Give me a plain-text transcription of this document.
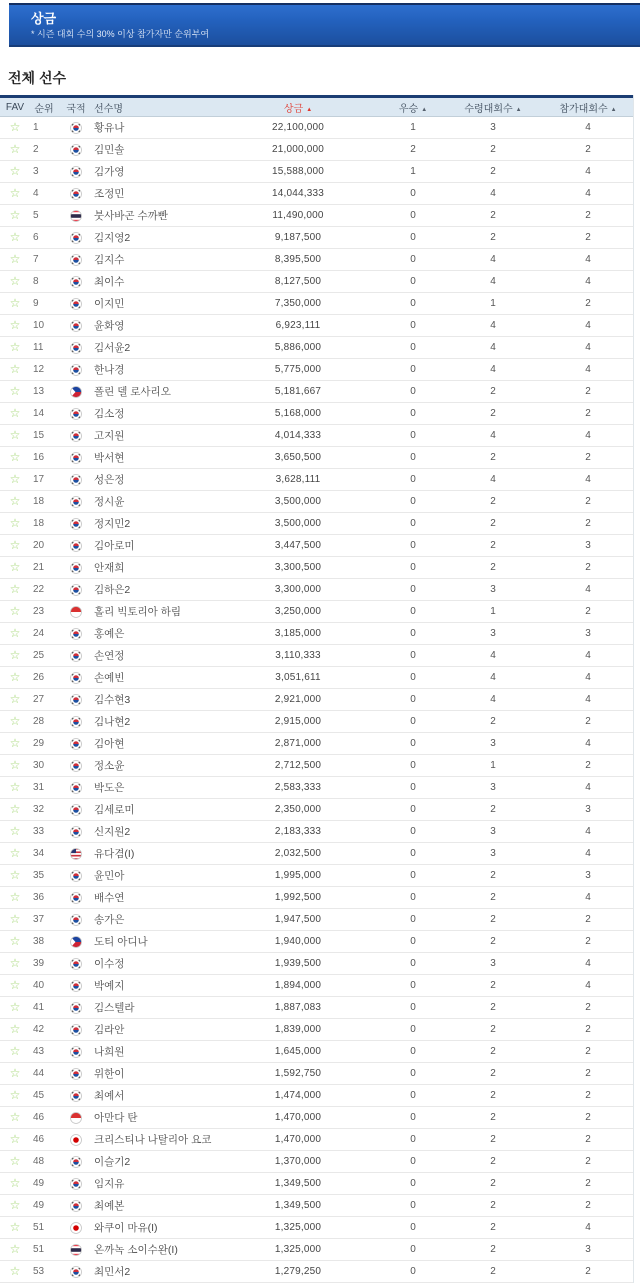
상금
* 시즌 대회 수의 30% 이상 참가자만 순위부여
전체 선수
FAV	순위	국적 선수명	상금 ▲	우승 ▲	수령대회수 ▲	참가대회수 ▲
☆	1	황유나	22,100,000	1	3	4
☆	2	김민솔	21,000,000	2	2	2
☆	3	김가영	15,588,000	1	2	4
☆	4	조정민	14,044,333	0	4	4
☆	5	붓사바곤 수까빤	11,490,000	0	2	2
☆	6	김지영2	9,187,500	0	2	2
☆	7	김지수	8,395,500	0	4	4
☆	8	최이수	8,127,500	0	4	4
☆	9	이지민	7,350,000	0	1	2
☆	10	윤화영	6,923,111	0	4	4
☆	11	김서윤2	5,886,000	0	4	4
☆	12	한나경	5,775,000	0	4	4
☆	13	폴린 델 로사리오	5,181,667	0	2	2
☆	14	김소정	5,168,000	0	2	2
☆	15	고지원	4,014,333	0	4	4
☆	16	박서현	3,650,500	0	2	2
☆	17	성은정	3,628,111	0	4	4
☆	18	정시윤	3,500,000	0	2	2
☆	18	정지민2	3,500,000	0	2	2
☆	20	김아로미	3,447,500	0	2	3
☆	21	안재희	3,300,500	0	2	2
☆	22	김하은2	3,300,000	0	3	4
☆	23	홀리 빅토리아 하림	3,250,000	0	1	2
☆	24	홍예은	3,185,000	0	3	3
☆	25	손연정	3,110,333	0	4	4
☆	26	손예빈	3,051,611	0	4	4
☆	27	김수현3	2,921,000	0	4	4
☆	28	김나현2	2,915,000	0	2	2
☆	29	김아현	2,871,000	0	3	4
☆	30	정소윤	2,712,500	0	1	2
☆	31	박도은	2,583,333	0	3	4
☆	32	김세로미	2,350,000	0	2	3
☆	33	신지원2	2,183,333	0	3	4
☆	34	유다겸(I)	2,032,500	0	3	4
☆	35	윤민아	1,995,000	0	2	3
☆	36	배수연	1,992,500	0	2	4
☆	37	송가은	1,947,500	0	2	2
☆	38	도티 아디나	1,940,000	0	2	2
☆	39	이수정	1,939,500	0	3	4
☆	40	박예지	1,894,000	0	2	4
☆	41	김스텔라	1,887,083	0	2	2
☆	42	김라안	1,839,000	0	2	2
☆	43	나희원	1,645,000	0	2	2
☆	44	위한이	1,592,750	0	2	2
☆	45	최예서	1,474,000	0	2	2
☆	46	아만다 탄	1,470,000	0	2	2
☆	46	크리스티나 나탈리아 요코	1,470,000	0	2	2
☆	48	이슬기2	1,370,000	0	2	2
☆	49	임지유	1,349,500	0	2	2
☆	49	최예본	1,349,500	0	2	2
☆	51	와쿠이 마유(I)	1,325,000	0	2	4
☆	51	온까녹 소이수완(I)	1,325,000	0	2	3
☆	53	최민서2	1,279,250	0	2	2
